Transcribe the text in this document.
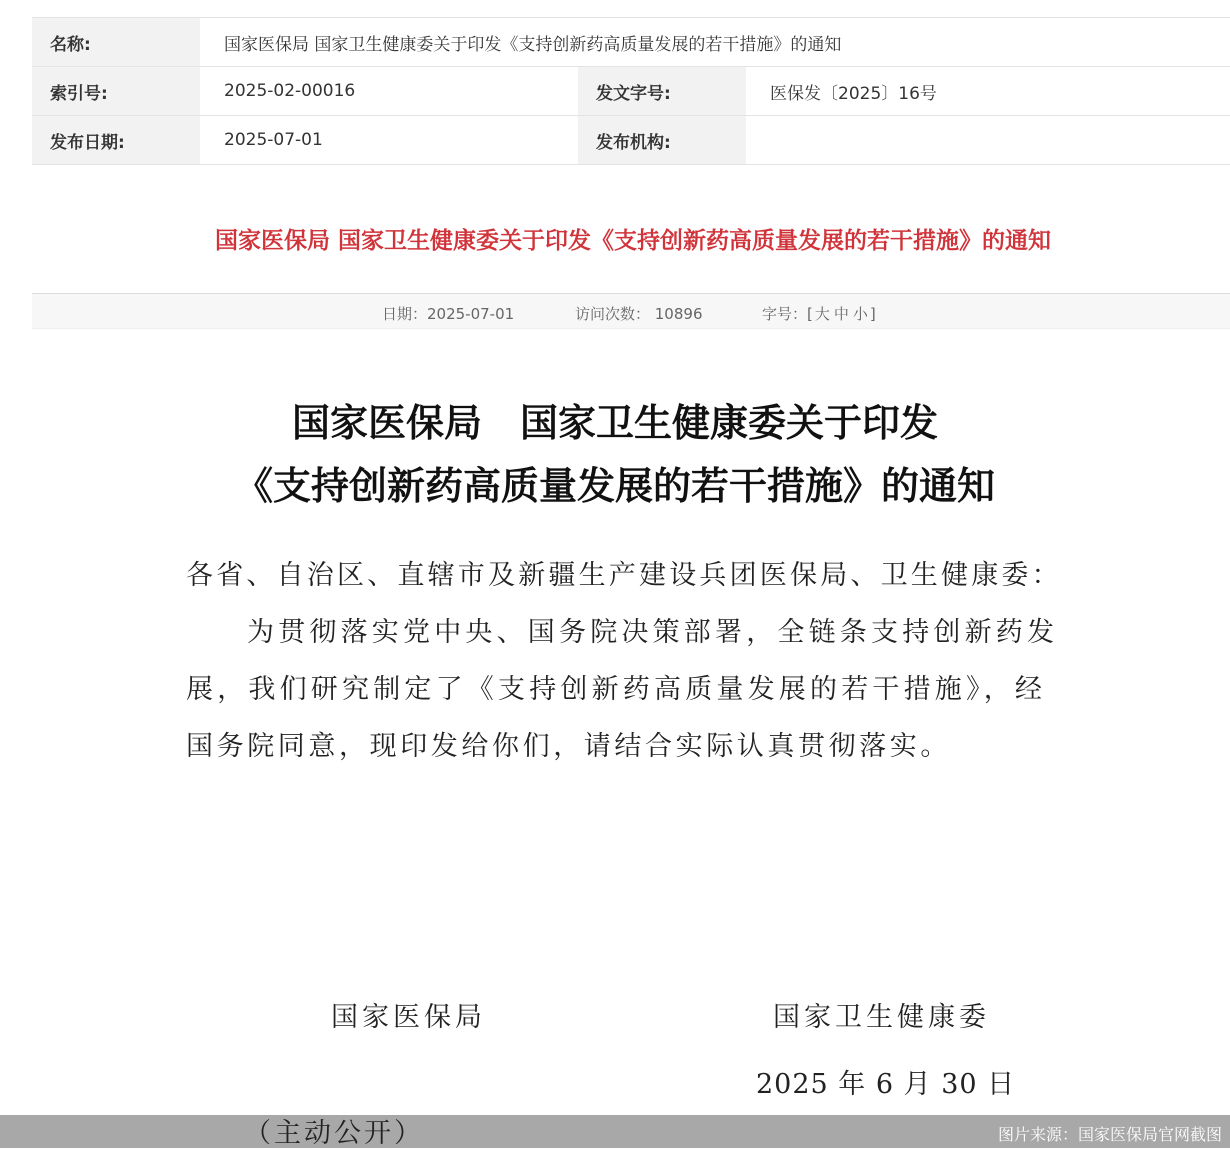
名称:	国家医保局 国家卫生健康委关于印发《支持创新药高质量发展的若干措施》的通知
索引号:	2025-02-00016	发文字号:	医保发〔2025〕16号
发布日期:	2025-07-01	发布机构:
国家医保局 国家卫生健康委关于印发《支持创新药高质量发展的若干措施》的通知
日期：2025-07-01	访问次数： 10896	字号：[ 大 中 小 ]
国家医保局　国家卫生健康委关于印发
《支持创新药高质量发展的若干措施》的通知
各省、自治区、直辖市及新疆生产建设兵团医保局、卫生健康委：
为贯彻落实党中央、国务院决策部署，全链条支持创新药发
展，我们研究制定了《支持创新药高质量发展的若干措施》，经
国务院同意，现印发给你们，请结合实际认真贯彻落实。
国家医保局	国家卫生健康委
2025 年 6 月 30 日
（主动公开）	图片来源：国家医保局官网截图
